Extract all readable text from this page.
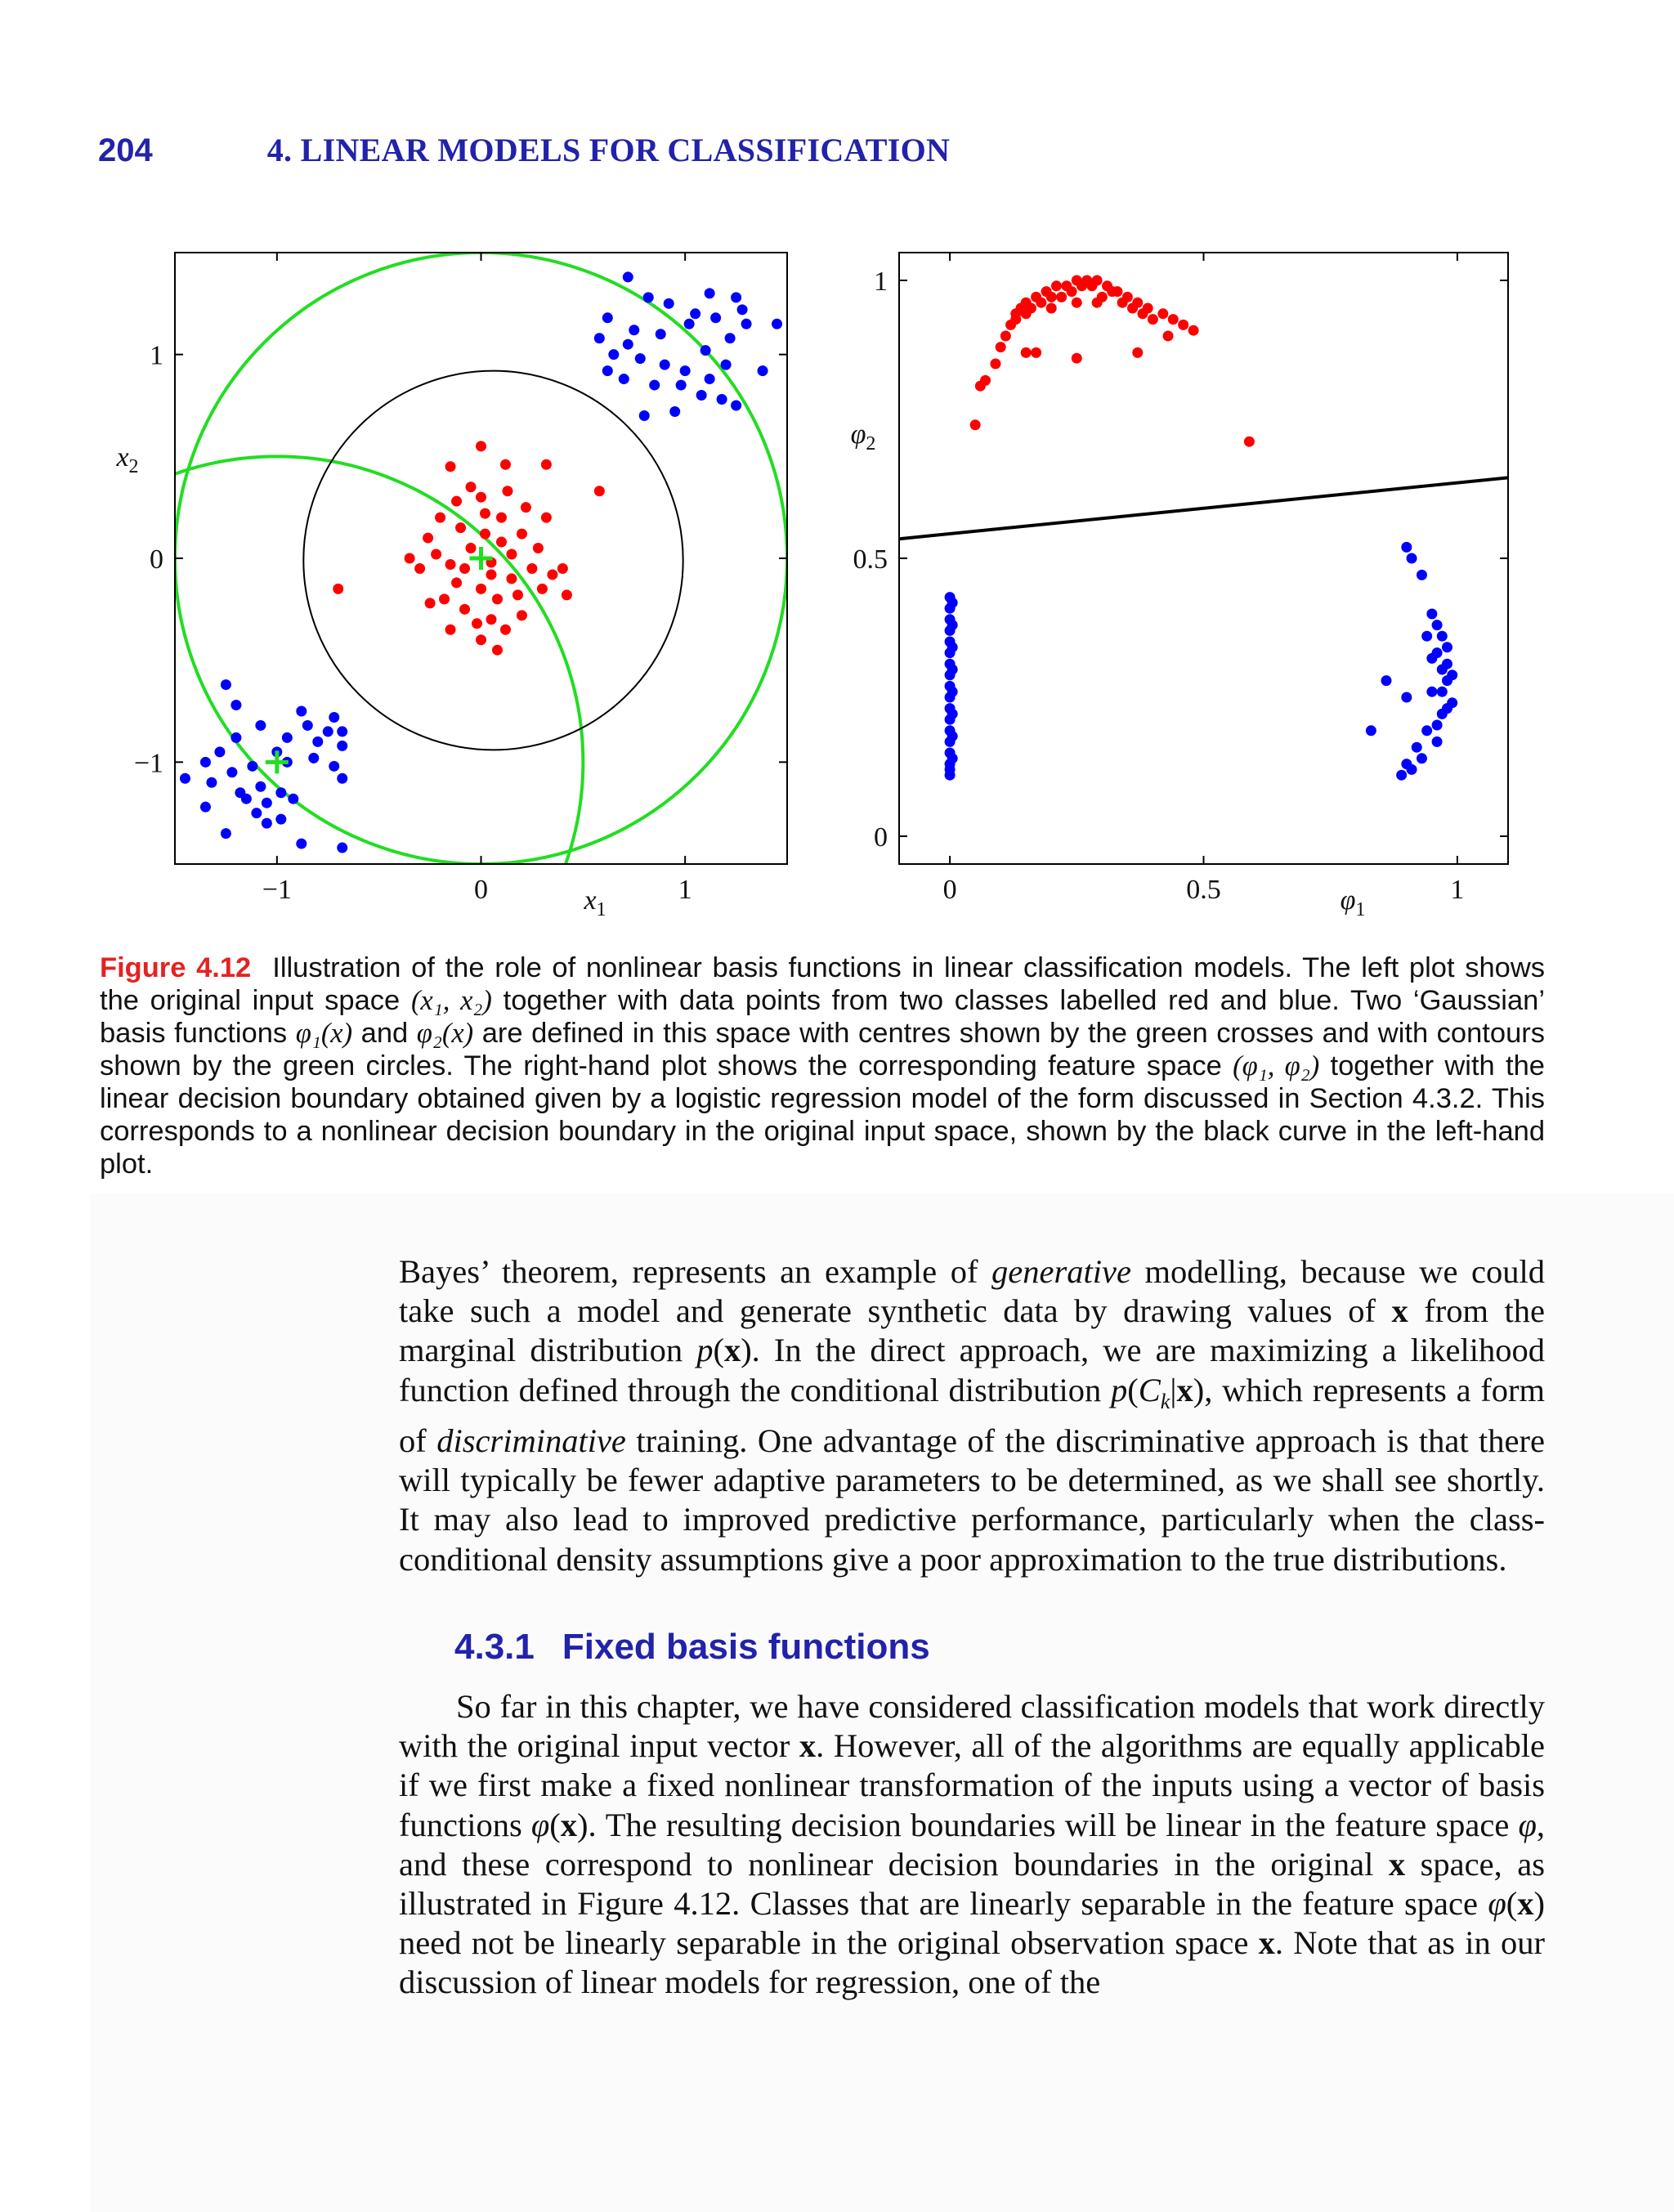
204	4. LINEAR MODELS FOR CLASSIFICATION
−1	0	1
−1
0
1
$x_1$
$x_2$
0	0.5	1
0
0.5
1
$\varphi_1$
$\varphi_2$
Figure 4.12 Illustration of the role of nonlinear basis functions in linear classification models. The left plot shows the original input space (x₁, x₂) together with data points from two classes labelled red and blue. Two ‘Gaussian’ basis functions φ₁(x) and φ₂(x) are defined in this space with centres shown by the green crosses and with contours shown by the green circles. The right-hand plot shows the corresponding feature space (φ₁, φ₂) together with the linear decision boundary obtained given by a logistic regression model of the form discussed in Section 4.3.2. This corresponds to a nonlinear decision boundary in the original input space, shown by the black curve in the left-hand plot.
Bayes’ theorem, represents an example of generative modelling, because we could take such a model and generate synthetic data by drawing values of x from the marginal distribution p(x). In the direct approach, we are maximizing a likelihood function defined through the conditional distribution $p(C_k|x)$, which represents a form of discriminative training. One advantage of the discriminative approach is that there will typically be fewer adaptive parameters to be determined, as we shall see shortly. It may also lead to improved predictive performance, particularly when the class-conditional density assumptions give a poor approximation to the true distributions.
4.3.1 Fixed basis functions
So far in this chapter, we have considered classification models that work directly with the original input vector x. However, all of the algorithms are equally applicable if we first make a fixed nonlinear transformation of the inputs using a vector of basis functions φ(x). The resulting decision boundaries will be linear in the feature space φ, and these correspond to nonlinear decision boundaries in the original x space, as illustrated in Figure 4.12. Classes that are linearly separable in the feature space φ(x) need not be linearly separable in the original observation space x. Note that as in our discussion of linear models for regression, one of the
